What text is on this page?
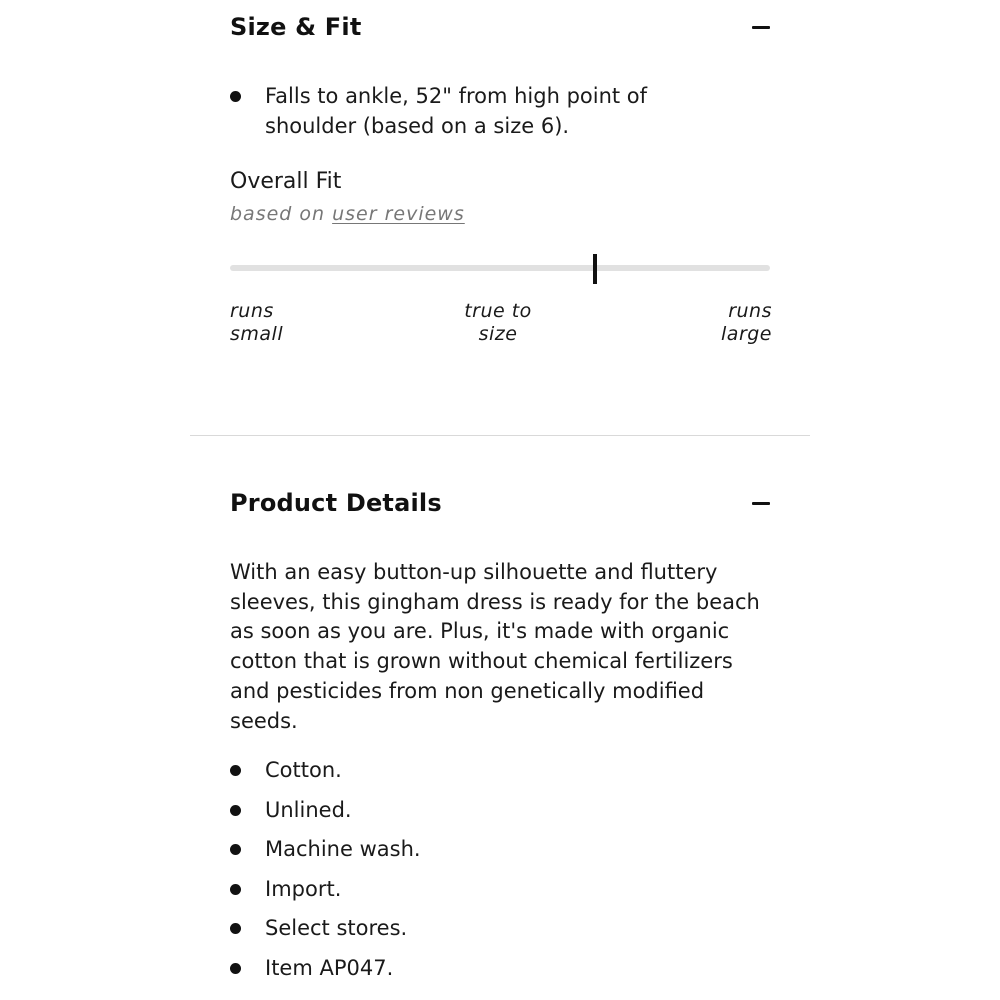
Size & Fit
Falls to ankle, 52" from high point of
shoulder (based on a size 6).
Overall Fit
based on user reviews
runs
small
true to
size
runs
large
Product Details

With an easy button-up silhouette and fluttery sleeves, this gingham dress is ready for the beach as soon as you are. Plus, it's made with organic cotton that is grown without chemical fertilizers and pesticides from non genetically modified seeds.

Cotton.
Unlined.
Machine wash.
Import.
Select stores.
Item AP047.
